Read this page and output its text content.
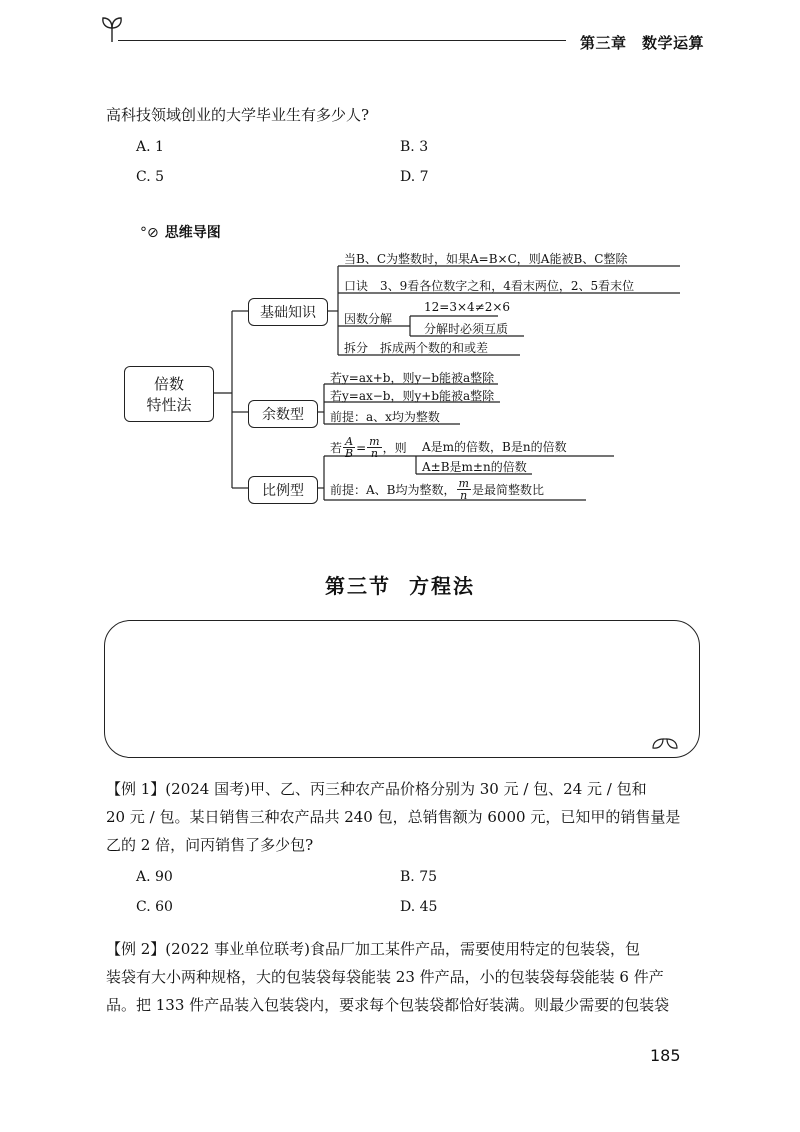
第三章　数学运算
高科技领域创业的大学毕业生有多少人?
A. 1	B. 3
C. 5	D. 7
°⊘ 思维导图
倍数
特性法
基础知识
余数型
比例型
当B、C为整数时，如果A=B×C，则A能被B、C整除
口诀　3、9看各位数字之和，4看末两位，2、5看末位
因数分解
12=3×4≠2×6
分解时必须互质
拆分　拆成两个数的和或差
若y=ax+b，则y−b能被a整除
若y=ax−b，则y+b能被a整除
前提：a、x均为整数
若 $\frac{A}{B} = \frac{m}{n}$ ，则 A是m的倍数，B是n的倍数
A±B是m±n的倍数
前提：A、B均为整数， m
n 是最简整数比
第三节 方程法
【例 1】(2024 国考)甲、乙、丙三种农产品价格分别为 30 元 / 包、24 元 / 包和
20 元 / 包。某日销售三种农产品共 240 包，总销售额为 6000 元，已知甲的销售量是
乙的 2 倍，问丙销售了多少包?
A. 90	B. 75
C. 60	D. 45
【例 2】(2022 事业单位联考)食品厂加工某件产品，需要使用特定的包装袋，包
装袋有大小两种规格，大的包装袋每袋能装 23 件产品，小的包装袋每袋能装 6 件产
品。把 133 件产品装入包装袋内，要求每个包装袋都恰好装满。则最少需要的包装袋
185
